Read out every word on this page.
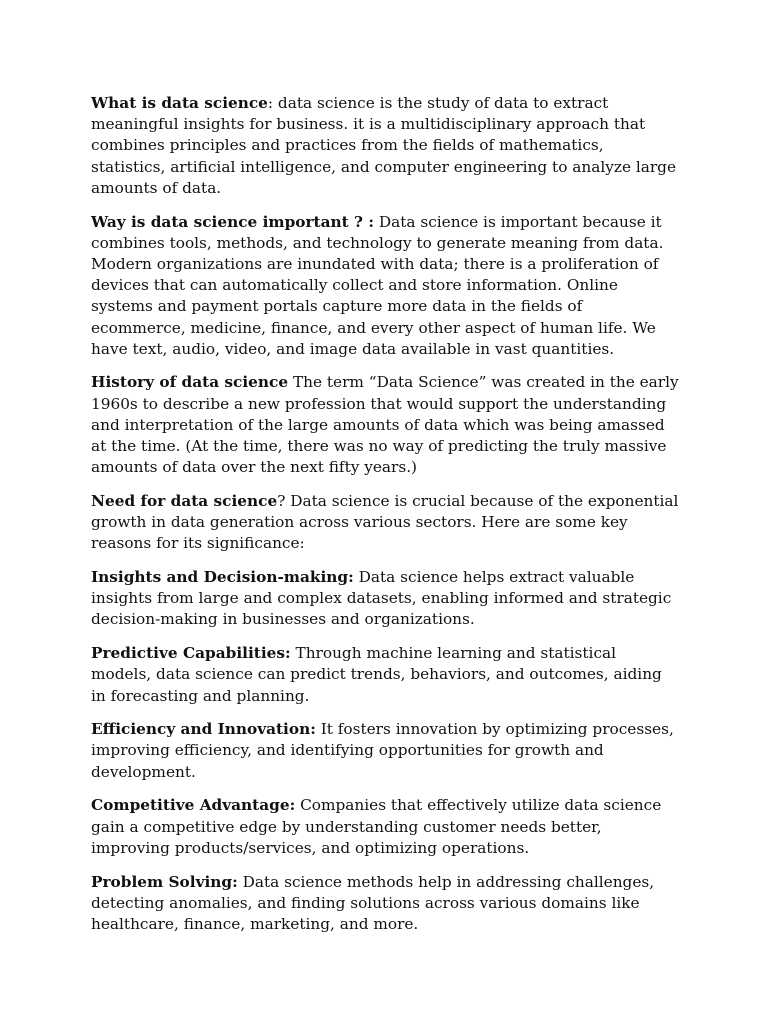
What is data science: data science is the study of data to extract meaningful insights for business. it is a multidisciplinary approach that combines principles and practices from the fields of mathematics, statistics, artificial intelligence, and computer engineering to analyze large amounts of data.

Way is data science important ? : Data science is important because it combines tools, methods, and technology to generate meaning from data. Modern organizations are inundated with data; there is a proliferation of devices that can automatically collect and store information. Online systems and payment portals capture more data in the fields of ecommerce, medicine, finance, and every other aspect of human life. We have text, audio, video, and image data available in vast quantities.

History of data science The term “Data Science” was created in the early 1960s to describe a new profession that would support the understanding and interpretation of the large amounts of data which was being amassed at the time. (At the time, there was no way of predicting the truly massive amounts of data over the next fifty years.)

Need for data science? Data science is crucial because of the exponential growth in data generation across various sectors. Here are some key reasons for its significance:

Insights and Decision-making: Data science helps extract valuable insights from large and complex datasets, enabling informed and strategic decision-making in businesses and organizations.

Predictive Capabilities: Through machine learning and statistical models, data science can predict trends, behaviors, and outcomes, aiding in forecasting and planning.

Efficiency and Innovation: It fosters innovation by optimizing processes, improving efficiency, and identifying opportunities for growth and development.

Competitive Advantage: Companies that effectively utilize data science gain a competitive edge by understanding customer needs better, improving products/services, and optimizing operations.

Problem Solving: Data science methods help in addressing challenges, detecting anomalies, and finding solutions across various domains like healthcare, finance, marketing, and more.
